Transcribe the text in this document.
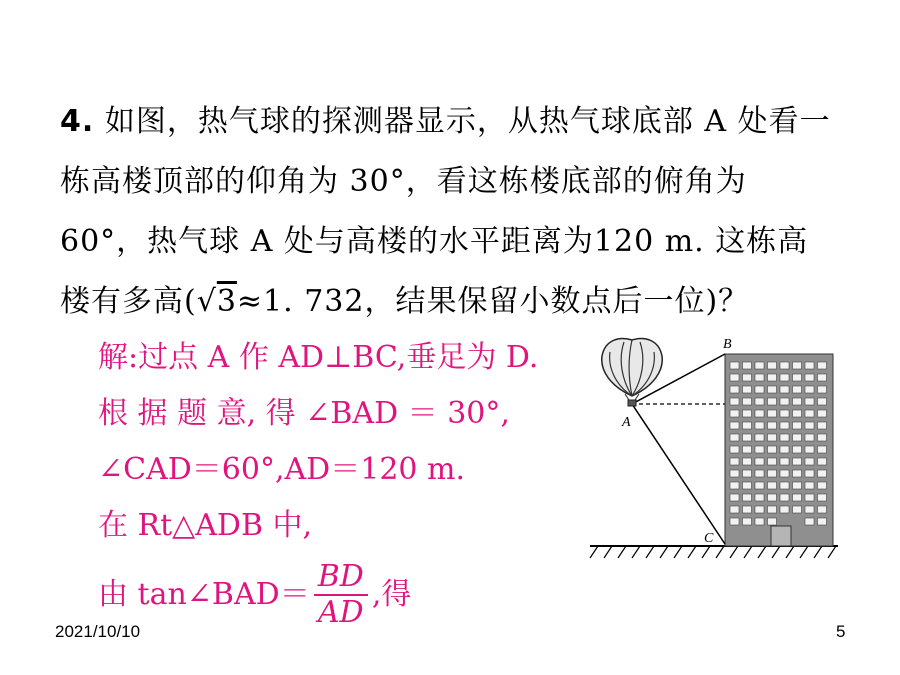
4. 如图，热气球的探测器显示，从热气球底部 A 处看一
栋高楼顶部的仰角为 30°，看这栋楼底部的俯角为
60°，热气球 A 处与高楼的水平距离为120 m. 这栋高
楼有多高(√3≈1. 732，结果保留小数点后一位)？
解:过点 A 作 AD⊥BC,垂足为 D.
根 据 题 意, 得 ∠BAD ＝ 30°,
∠CAD＝60°,AD＝120 m.
在 Rt△ADB 中,
由 tan∠BAD＝ $\frac{BD}{AD}$ ,得
B
A
C
2021/10/10	5
